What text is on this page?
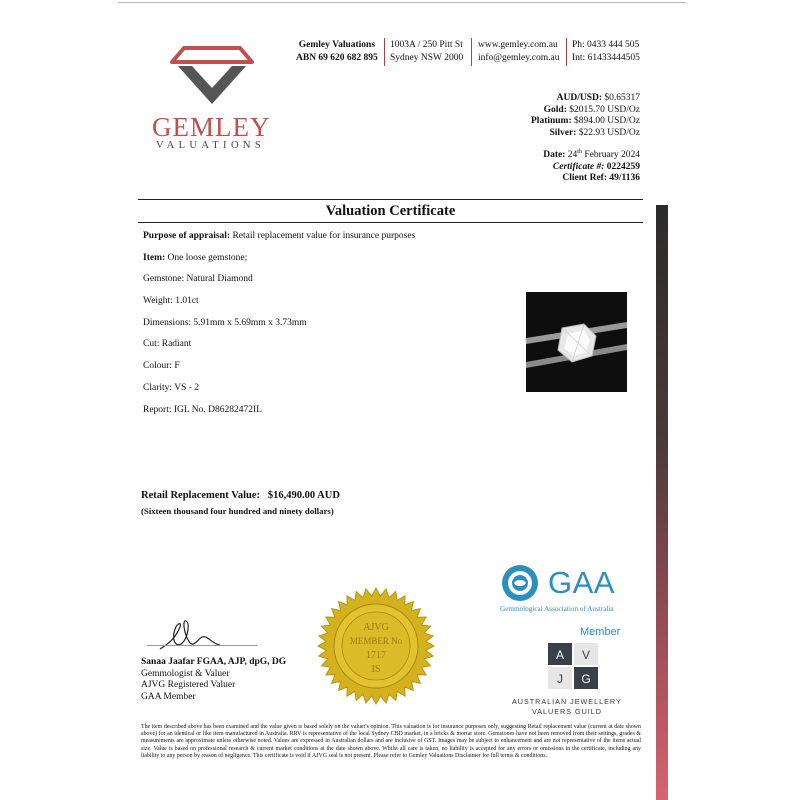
GEMLEY
VALUATIONS
Gemley Valuations
ABN 69 620 682 895
1003A / 250 Pitt St
Sydney NSW 2000
www.gemley.com.au
info@gemley.com.au
Ph: 0433 444 505
Int: 61433444505
AUD/USD: $0.65317
Gold: $2015.70 USD/Oz
Platinum: $894.00 USD/Oz
Silver: $22.93 USD/Oz
Date: 24th February 2024
Certificate #: 0224259
Client Ref: 49/1136
Valuation Certificate
Purpose of appraisal: Retail replacement value for insurance purposes
Item: One loose gemstone;
Gemstone: Natural Diamond
Weight: 1.01ct
Dimensions: 5.91mm x 5.69mm x 3.73mm
Cut: Radiant
Colour: F
Clarity: VS - 2
Report: IGL No. D86282472IL
Retail Replacement Value: $16,490.00 AUD
(Sixteen thousand four hundred and ninety dollars)
AJVG
MEMBER No
1717
IS
Sanaa Jaafar FGAA, AJP, dpG, DG
Gemmologist & Valuer
AJVG Registered Valuer
GAA Member
GAA
Gemmological Association of Australia
Member
A V
J G
AUSTRALIAN JEWELLERY
VALUERS GUILD
The item described above has been examined and the value given is based solely on the valuer's opinion. This valuation is for insurance purposes only, suggesting Retail replacement value (current at date shown above) for an identical or like item manufactured in Australia. RRV is representative of the local Sydney CBD market, in a bricks & mortar store. Gemstones have not been removed from their settings, grades & measurements are approximate unless otherwise noted. Values are expressed in Australian dollars and are inclusive of GST. Images may be subject to enhancement and are not representative of the items actual size. Value is based on professional research & current market conditions at the date shown above. Whilst all care is taken, no liability is accepted for any errors or omissions in the certificate, including any liability to any person by reason of negligence. This certificate is void if AJVG seal is not present. Please refer to Gemley Valuations Disclaimer for full terms & conditions.
